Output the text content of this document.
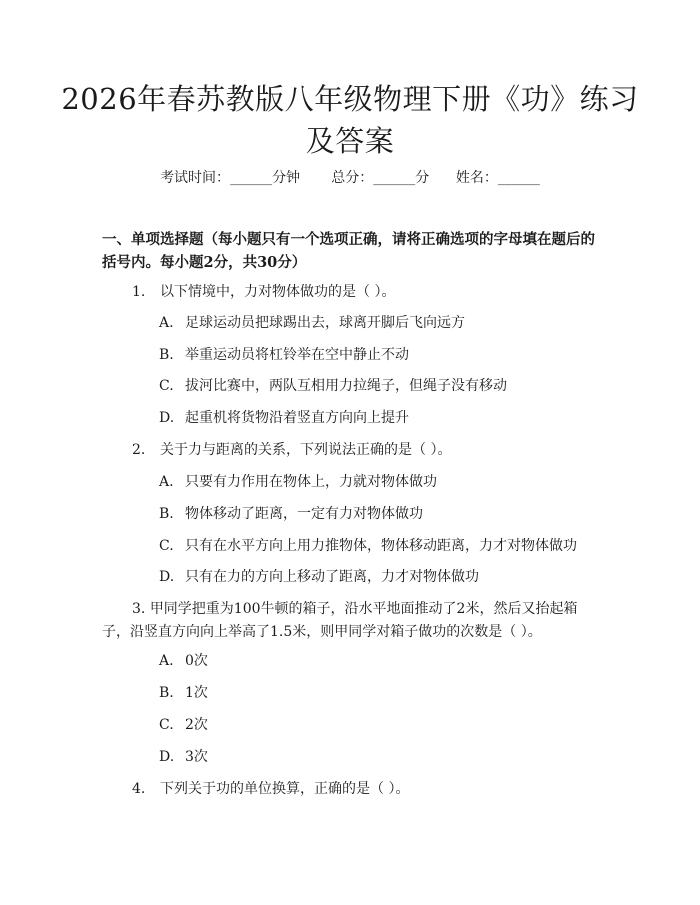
2026年春苏教版八年级物理下册《功》练习及答案
考试时间：______分钟 总分：______分 姓名：______
一、单项选择题（每小题只有一个选项正确，请将正确选项的字母填在题后的括号内。每小题2分，共30分）
1. 以下情境中，力对物体做功的是（ ）。
A. 足球运动员把球踢出去，球离开脚后飞向远方
B. 举重运动员将杠铃举在空中静止不动
C. 拔河比赛中，两队互相用力拉绳子，但绳子没有移动
D. 起重机将货物沿着竖直方向向上提升
2. 关于力与距离的关系，下列说法正确的是（ ）。
A. 只要有力作用在物体上，力就对物体做功
B. 物体移动了距离，一定有力对物体做功
C. 只有在水平方向上用力推物体，物体移动距离，力才对物体做功
D. 只有在力的方向上移动了距离，力才对物体做功
3. 甲同学把重为100牛顿的箱子，沿水平地面推动了2米，然后又抬起箱子，沿竖直方向向上举高了1.5米，则甲同学对箱子做功的次数是（ ）。
A. 0次
B. 1次
C. 2次
D. 3次
4. 下列关于功的单位换算，正确的是（ ）。
